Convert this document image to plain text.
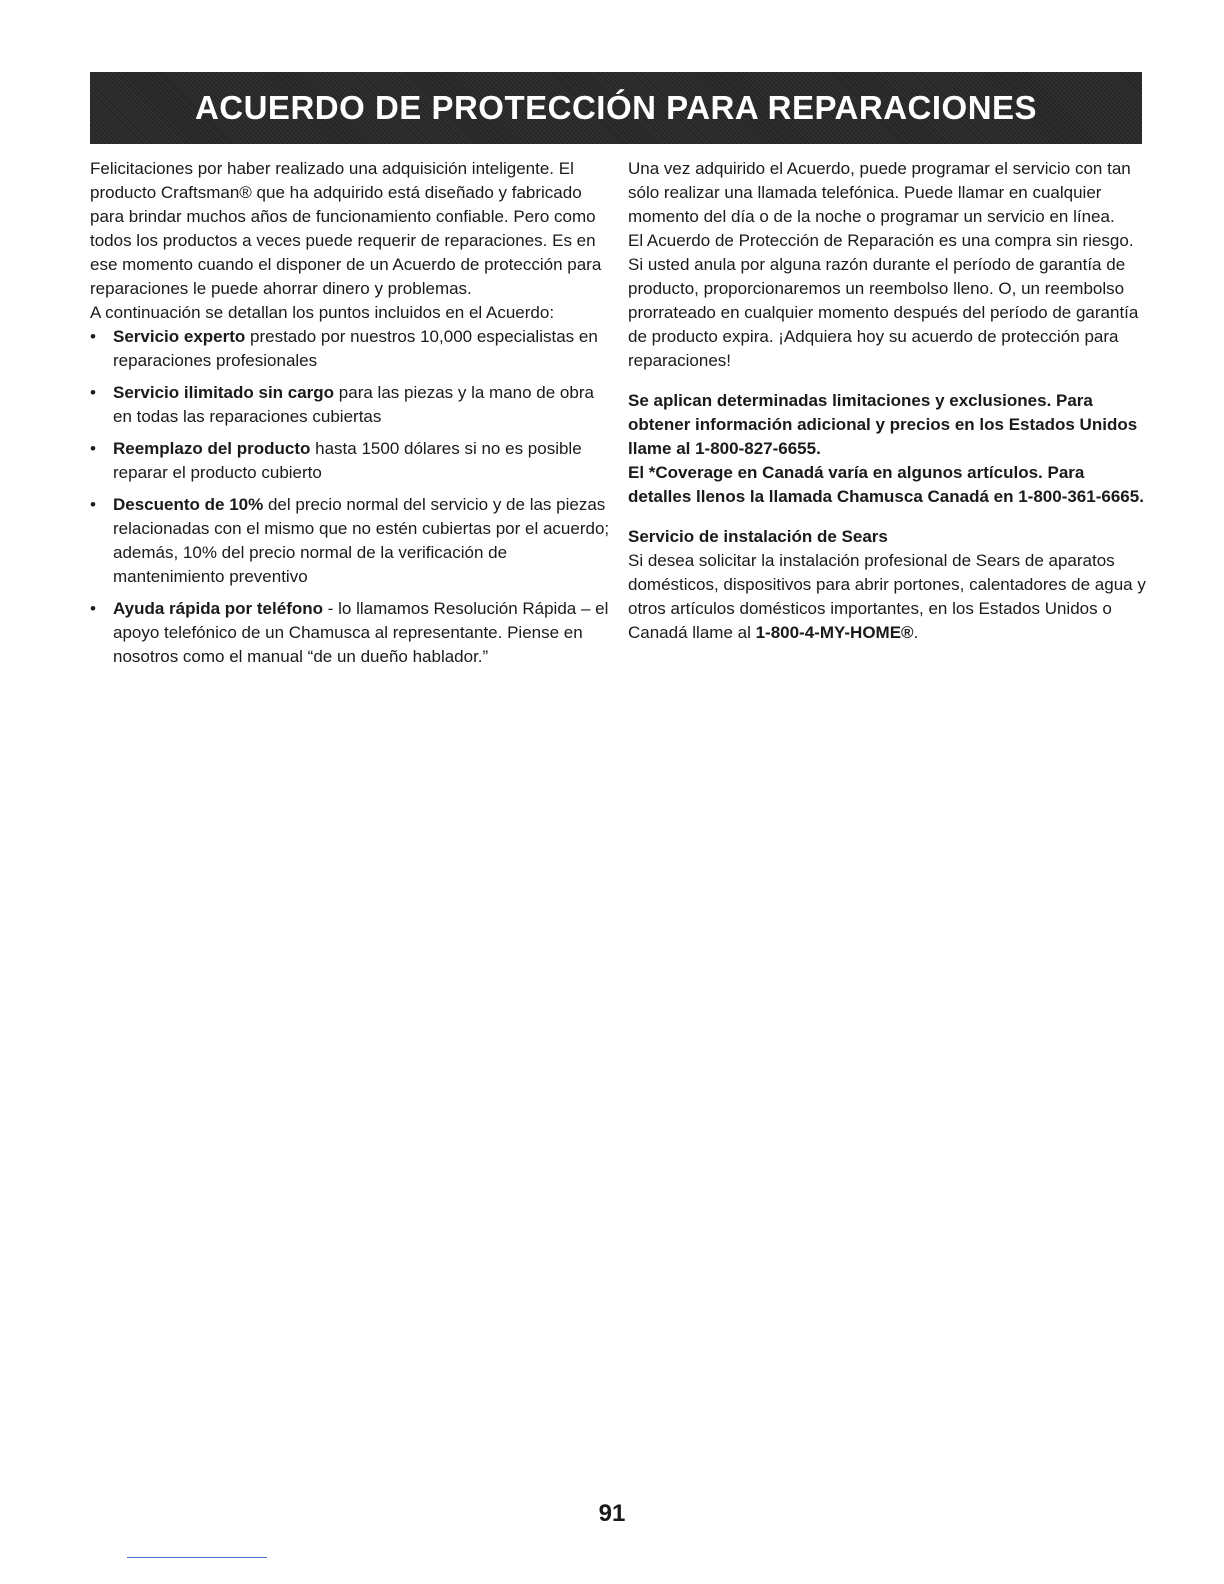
ACUERDO DE PROTECCIÓN PARA REPARACIONES

Felicitaciones por haber realizado una adquisición inteligente. El producto Craftsman® que ha adquirido está diseñado y fabricado para brindar muchos años de funcionamiento confiable. Pero como todos los productos a veces puede requerir de reparaciones. Es en ese momento cuando el disponer de un Acuerdo de protección para reparaciones le puede ahorrar dinero y problemas.

A continuación se detallan los puntos incluidos en el Acuerdo:

• Servicio experto prestado por nuestros 10,000 especialistas en reparaciones profesionales
• Servicio ilimitado sin cargo para las piezas y la mano de obra en todas las reparaciones cubiertas
• Reemplazo del producto hasta 1500 dólares si no es posible reparar el producto cubierto
• Descuento de 10% del precio normal del servicio y de las piezas relacionadas con el mismo que no estén cubiertas por el acuerdo; además, 10% del precio normal de la verificación de mantenimiento preventivo
• Ayuda rápida por teléfono - lo llamamos Resolución Rápida – el apoyo telefónico de un Chamusca al representante. Piense en nosotros como el manual “de un dueño hablador.”

Una vez adquirido el Acuerdo, puede programar el servicio con tan sólo realizar una llamada telefónica. Puede llamar en cualquier momento del día o de la noche o programar un servicio en línea.

El Acuerdo de Protección de Reparación es una compra sin riesgo. Si usted anula por alguna razón durante el período de garantía de producto, proporcionaremos un reembolso lleno. O, un reembolso prorrateado en cualquier momento después del período de garantía de producto expira. ¡Adquiera hoy su acuerdo de protección para reparaciones!

Se aplican determinadas limitaciones y exclusiones. Para obtener información adicional y precios en los Estados Unidos llame al 1-800-827-6655.

El *Coverage en Canadá varía en algunos artículos. Para detalles llenos la llamada Chamusca Canadá en 1-800-361-6665.

Servicio de instalación de Sears

Si desea solicitar la instalación profesional de Sears de aparatos domésticos, dispositivos para abrir portones, calentadores de agua y otros artículos domésticos importantes, en los Estados Unidos o Canadá llame al 1-800-4-MY-HOME®.

91
